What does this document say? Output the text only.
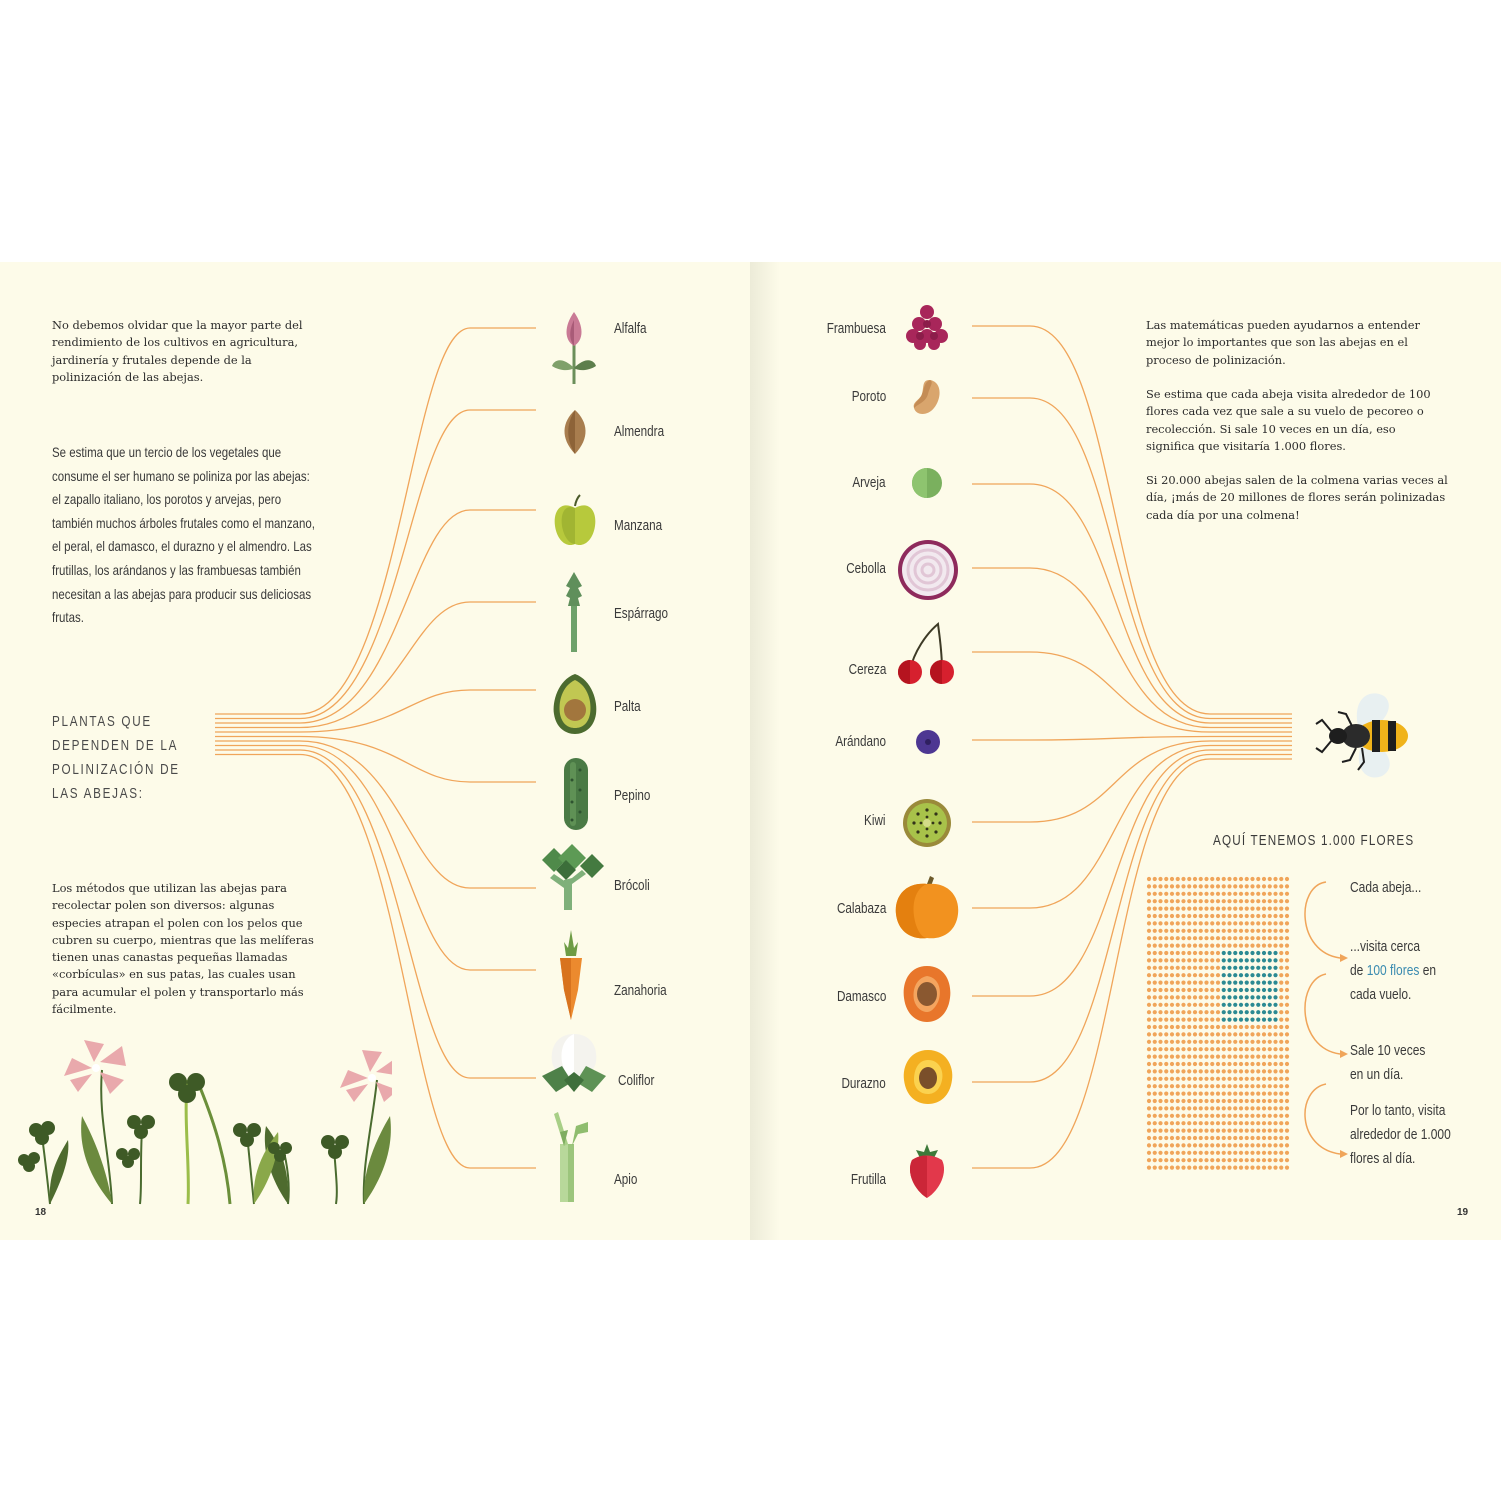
No debemos olvidar que la mayor parte del rendimiento de los cultivos en agricultura, jardinería y frutales depende de la polinización de las abejas.

Se estima que un tercio de los vegetales que consume el ser humano se poliniza por las abejas: el zapallo italiano, los porotos y arvejas, pero también muchos árboles frutales como el manzano, el peral, el damasco, el durazno y el almendro. Las frutillas, los arándanos y las frambuesas también necesitan a las abejas para producir sus deliciosas frutas.

PLANTAS QUE DEPENDEN DE LA POLINIZACIÓN DE LAS ABEJAS:

Los métodos que utilizan las abejas para recolectar polen son diversos: algunas especies atrapan el polen con los pelos que cubren su cuerpo, mientras que las melíferas tienen unas canastas pequeñas llamadas «corbículas» en sus patas, las cuales usan para acumular el polen y transportarlo más fácilmente.

18
Alfalfa
Almendra
Manzana
Espárrago
Palta
Pepino
Brócoli
Zanahoria
Coliflor
Apio
Frambuesa
Poroto
Arveja
Cebolla
Cereza
Arándano
Kiwi
Calabaza
Damasco
Durazno
Frutilla

Las matemáticas pueden ayudarnos a entender mejor lo importantes que son las abejas en el proceso de polinización.

Se estima que cada abeja visita alrededor de 100 flores cada vez que sale a su vuelo de pecoreo o recolección. Si sale 10 veces en un día, eso significa que visitaría 1.000 flores.

Si 20.000 abejas salen de la colmena varias veces al día, ¡más de 20 millones de flores serán polinizadas cada día por una colmena!

AQUÍ TENEMOS 1.000 FLORES

Cada abeja...

...visita cerca
de 100 flores en
cada vuelo.
Sale 10 veces
en un día.
Por lo tanto, visita
alrededor de 1.000
flores al día.
19
